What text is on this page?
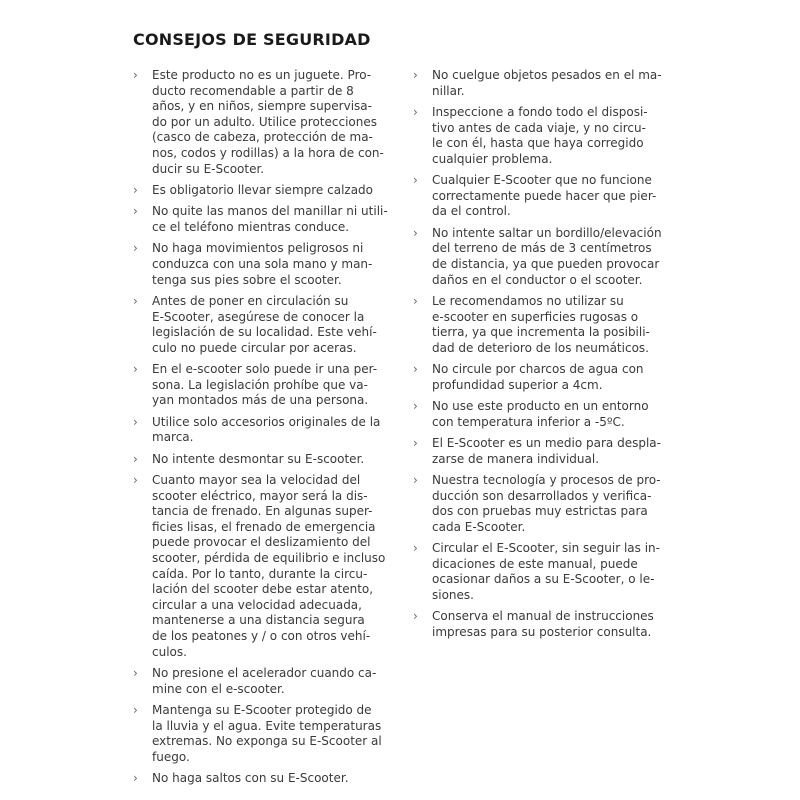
CONSEJOS DE SEGURIDAD
›	Este producto no es un juguete. Pro-
ducto recomendable a partir de 8
años, y en niños, siempre supervisa-
do por un adulto. Utilice protecciones
(casco de cabeza, protección de ma-
nos, codos y rodillas) a la hora de con-
ducir su E-Scooter.
›	Es obligatorio llevar siempre calzado
›	No quite las manos del manillar ni utili-
ce el teléfono mientras conduce.
›	No haga movimientos peligrosos ni
conduzca con una sola mano y man-
tenga sus pies sobre el scooter.
›	Antes de poner en circulación su
E-Scooter, asegúrese de conocer la
legislación de su localidad. Este vehí-
culo no puede circular por aceras.
›	En el e-scooter solo puede ir una per-
sona. La legislación prohíbe que va-
yan montados más de una persona.
›	Utilice solo accesorios originales de la
marca.
›	No intente desmontar su E-scooter.
›	Cuanto mayor sea la velocidad del
scooter eléctrico, mayor será la dis-
tancia de frenado. En algunas super-
ficies lisas, el frenado de emergencia
puede provocar el deslizamiento del
scooter, pérdida de equilibrio e incluso
caída. Por lo tanto, durante la circu-
lación del scooter debe estar atento,
circular a una velocidad adecuada,
mantenerse a una distancia segura
de los peatones y / o con otros vehí-
culos.
›	No presione el acelerador cuando ca-
mine con el e-scooter.
›	Mantenga su E-Scooter protegido de
la lluvia y el agua. Evite temperaturas
extremas. No exponga su E-Scooter al
fuego.
›	No haga saltos con su E-Scooter.
›	No cuelgue objetos pesados en el ma-
nillar.
›	Inspeccione a fondo todo el disposi-
tivo antes de cada viaje, y no circu-
le con él, hasta que haya corregido
cualquier problema.
›	Cualquier E-Scooter que no funcione
correctamente puede hacer que pier-
da el control.
›	No intente saltar un bordillo/elevación
del terreno de más de 3 centímetros
de distancia, ya que pueden provocar
daños en el conductor o el scooter.
›	Le recomendamos no utilizar su
e-scooter en superficies rugosas o
tierra, ya que incrementa la posibili-
dad de deterioro de los neumáticos.
›	No circule por charcos de agua con
profundidad superior a 4cm.
›	No use este producto en un entorno
con temperatura inferior a -5ºC.
›	El E-Scooter es un medio para despla-
zarse de manera individual.
›	Nuestra tecnología y procesos de pro-
ducción son desarrollados y verifica-
dos con pruebas muy estrictas para
cada E-Scooter.
›	Circular el E-Scooter, sin seguir las in-
dicaciones de este manual, puede
ocasionar daños a su E-Scooter, o le-
siones.
›	Conserva el manual de instrucciones
impresas para su posterior consulta.
